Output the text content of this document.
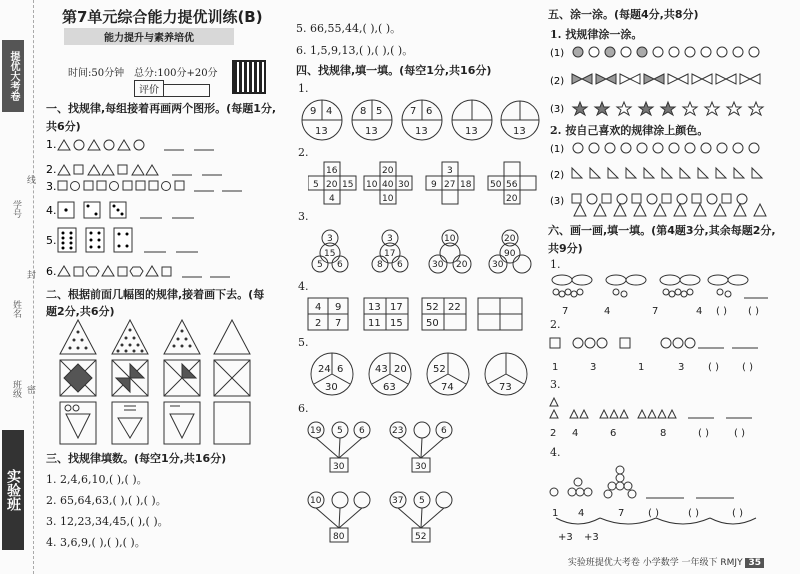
提优大考卷
学号
姓名
班级
线
封
密
实验班
第7单元综合能力提优训练(B)
能力提升与素养培优
时间:50分钟 总分:100分+20分
评价
一、找规律,每组接着再画两个图形。(每题1分,
共6分)
1.
2.
3.
4.
5.
6.
二、根据前面几幅图的规律,接着画下去。(每
题2分,共6分)
三、找规律填数。(每空1分,共16分)
1. 2,4,6,10,( ),( )。
2. 65,64,63,( ),( ),( )。
3. 12,23,34,45,( ),( )。
4. 3,6,9,( ),( ),( )。
5. 66,55,44,( ),( )。
6. 1,5,9,13,( ),( ),( )。
四、找规律,填一填。(每空1分,共16分)
1.
9 4
13
8 5
13
7 6
13	13	13
2.
16
5 20 15
4
20
10 40 30
10
3
9 27 18 50 56
20
3.
3
5 6
15
3
8 6
17
10
30 20
20
30
90
4.
4 9
2 7
13 17
11 15
52 22
50
5.
24 6
30
43 20
63
52
74	73
6.
19 5 6
30
23	6
30
10
80
37 5
52
五、涂一涂。(每题4分,共8分)
1. 找规律涂一涂。
(1)
(2)
(3)
2. 按自己喜欢的规律涂上颜色。
(1)
(2)
(3)
六、画一画,填一填。(第4题3分,其余每题2分,
共9分)
1.
7	4	7	4 ( ) ( )
2.
1	3	1	3 ( ) ( )
3.
2 4	6	8	( )	( )
4.
1 4	7 ( )	( )	( )
+3 +3
实验班提优大考卷 小学数学 一年级下 RMJY 35
